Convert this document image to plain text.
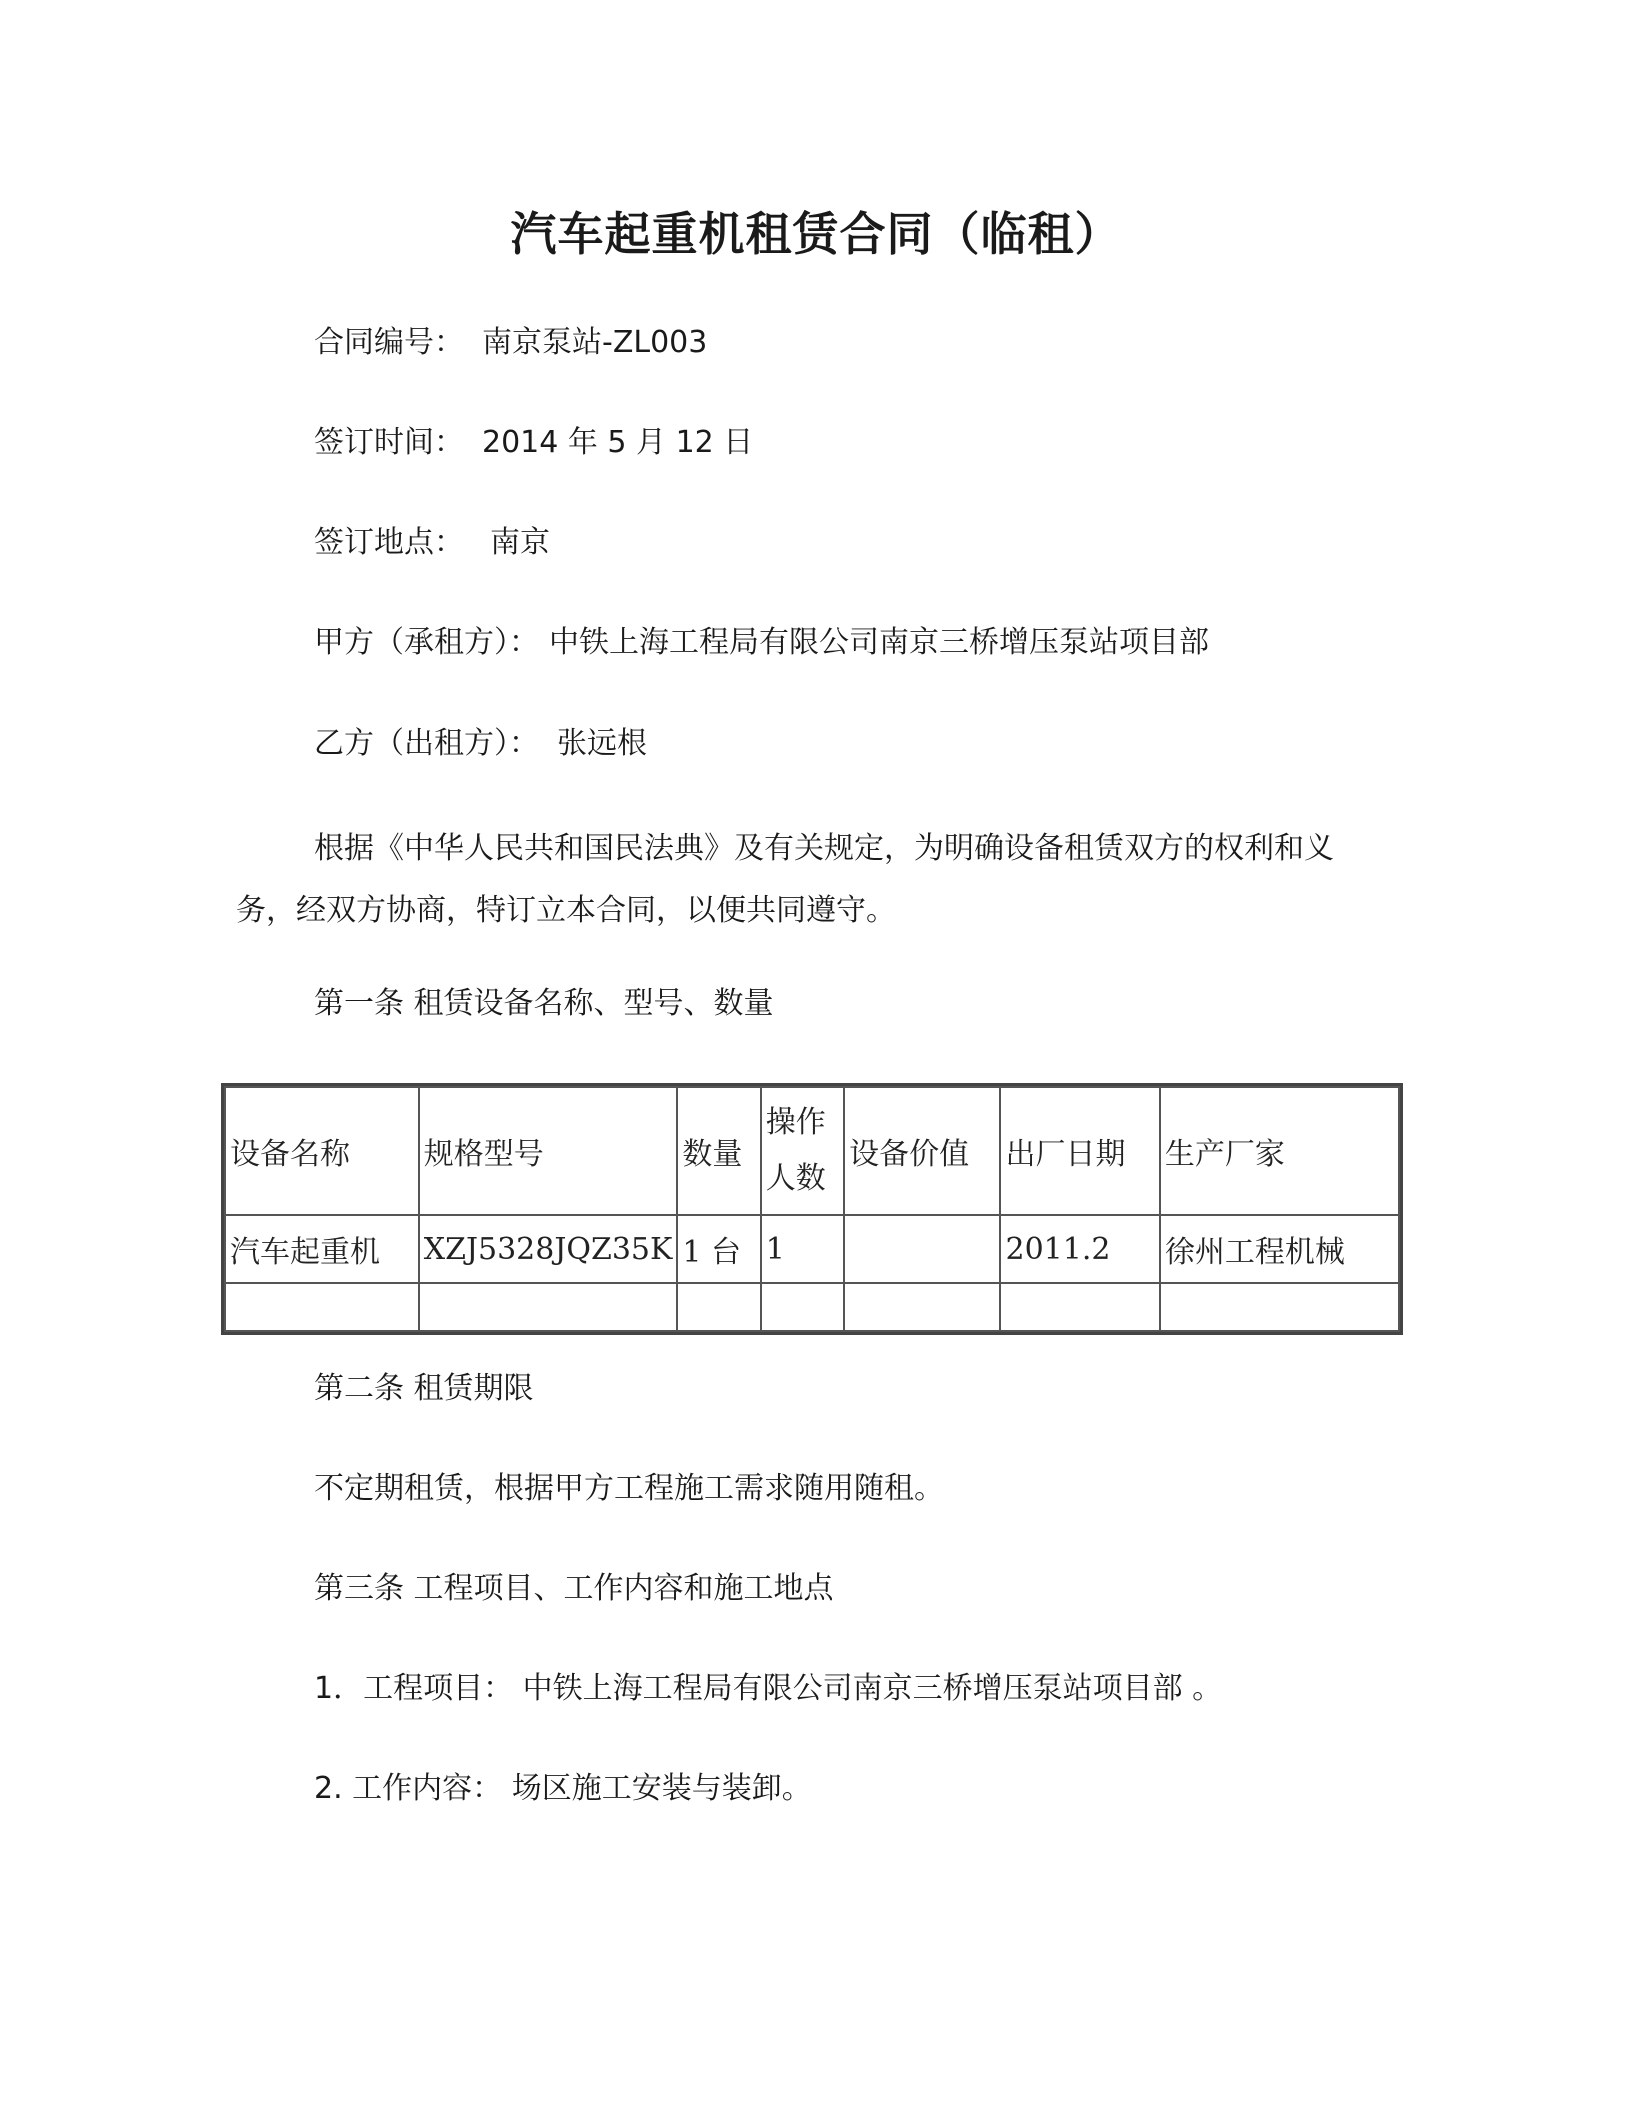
汽车起重机租赁合同（临租）
合同编号： 南京泵站-ZL003
签订时间： 2014 年 5 月 12 日
签订地点： 南京
甲方（承租方）： 中铁上海工程局有限公司南京三桥增压泵站项目部
乙方（出租方）： 张远根
根据《中华人民共和国民法典》及有关规定，为明确设备租赁双方的权利和义务，经双方协商，特订立本合同，以便共同遵守。
第一条 租赁设备名称、型号、数量
设备名称	规格型号	数量	操作人数	设备价值	出厂日期	生产厂家
汽车起重机	XZJ5328JQZ35K	1 台	1		2011.2	徐州工程机械

第二条 租赁期限
不定期租赁，根据甲方工程施工需求随用随租。
第三条 工程项目、工作内容和施工地点
1．工程项目： 中铁上海工程局有限公司南京三桥增压泵站项目部 。
2. 工作内容： 场区施工安装与装卸。
